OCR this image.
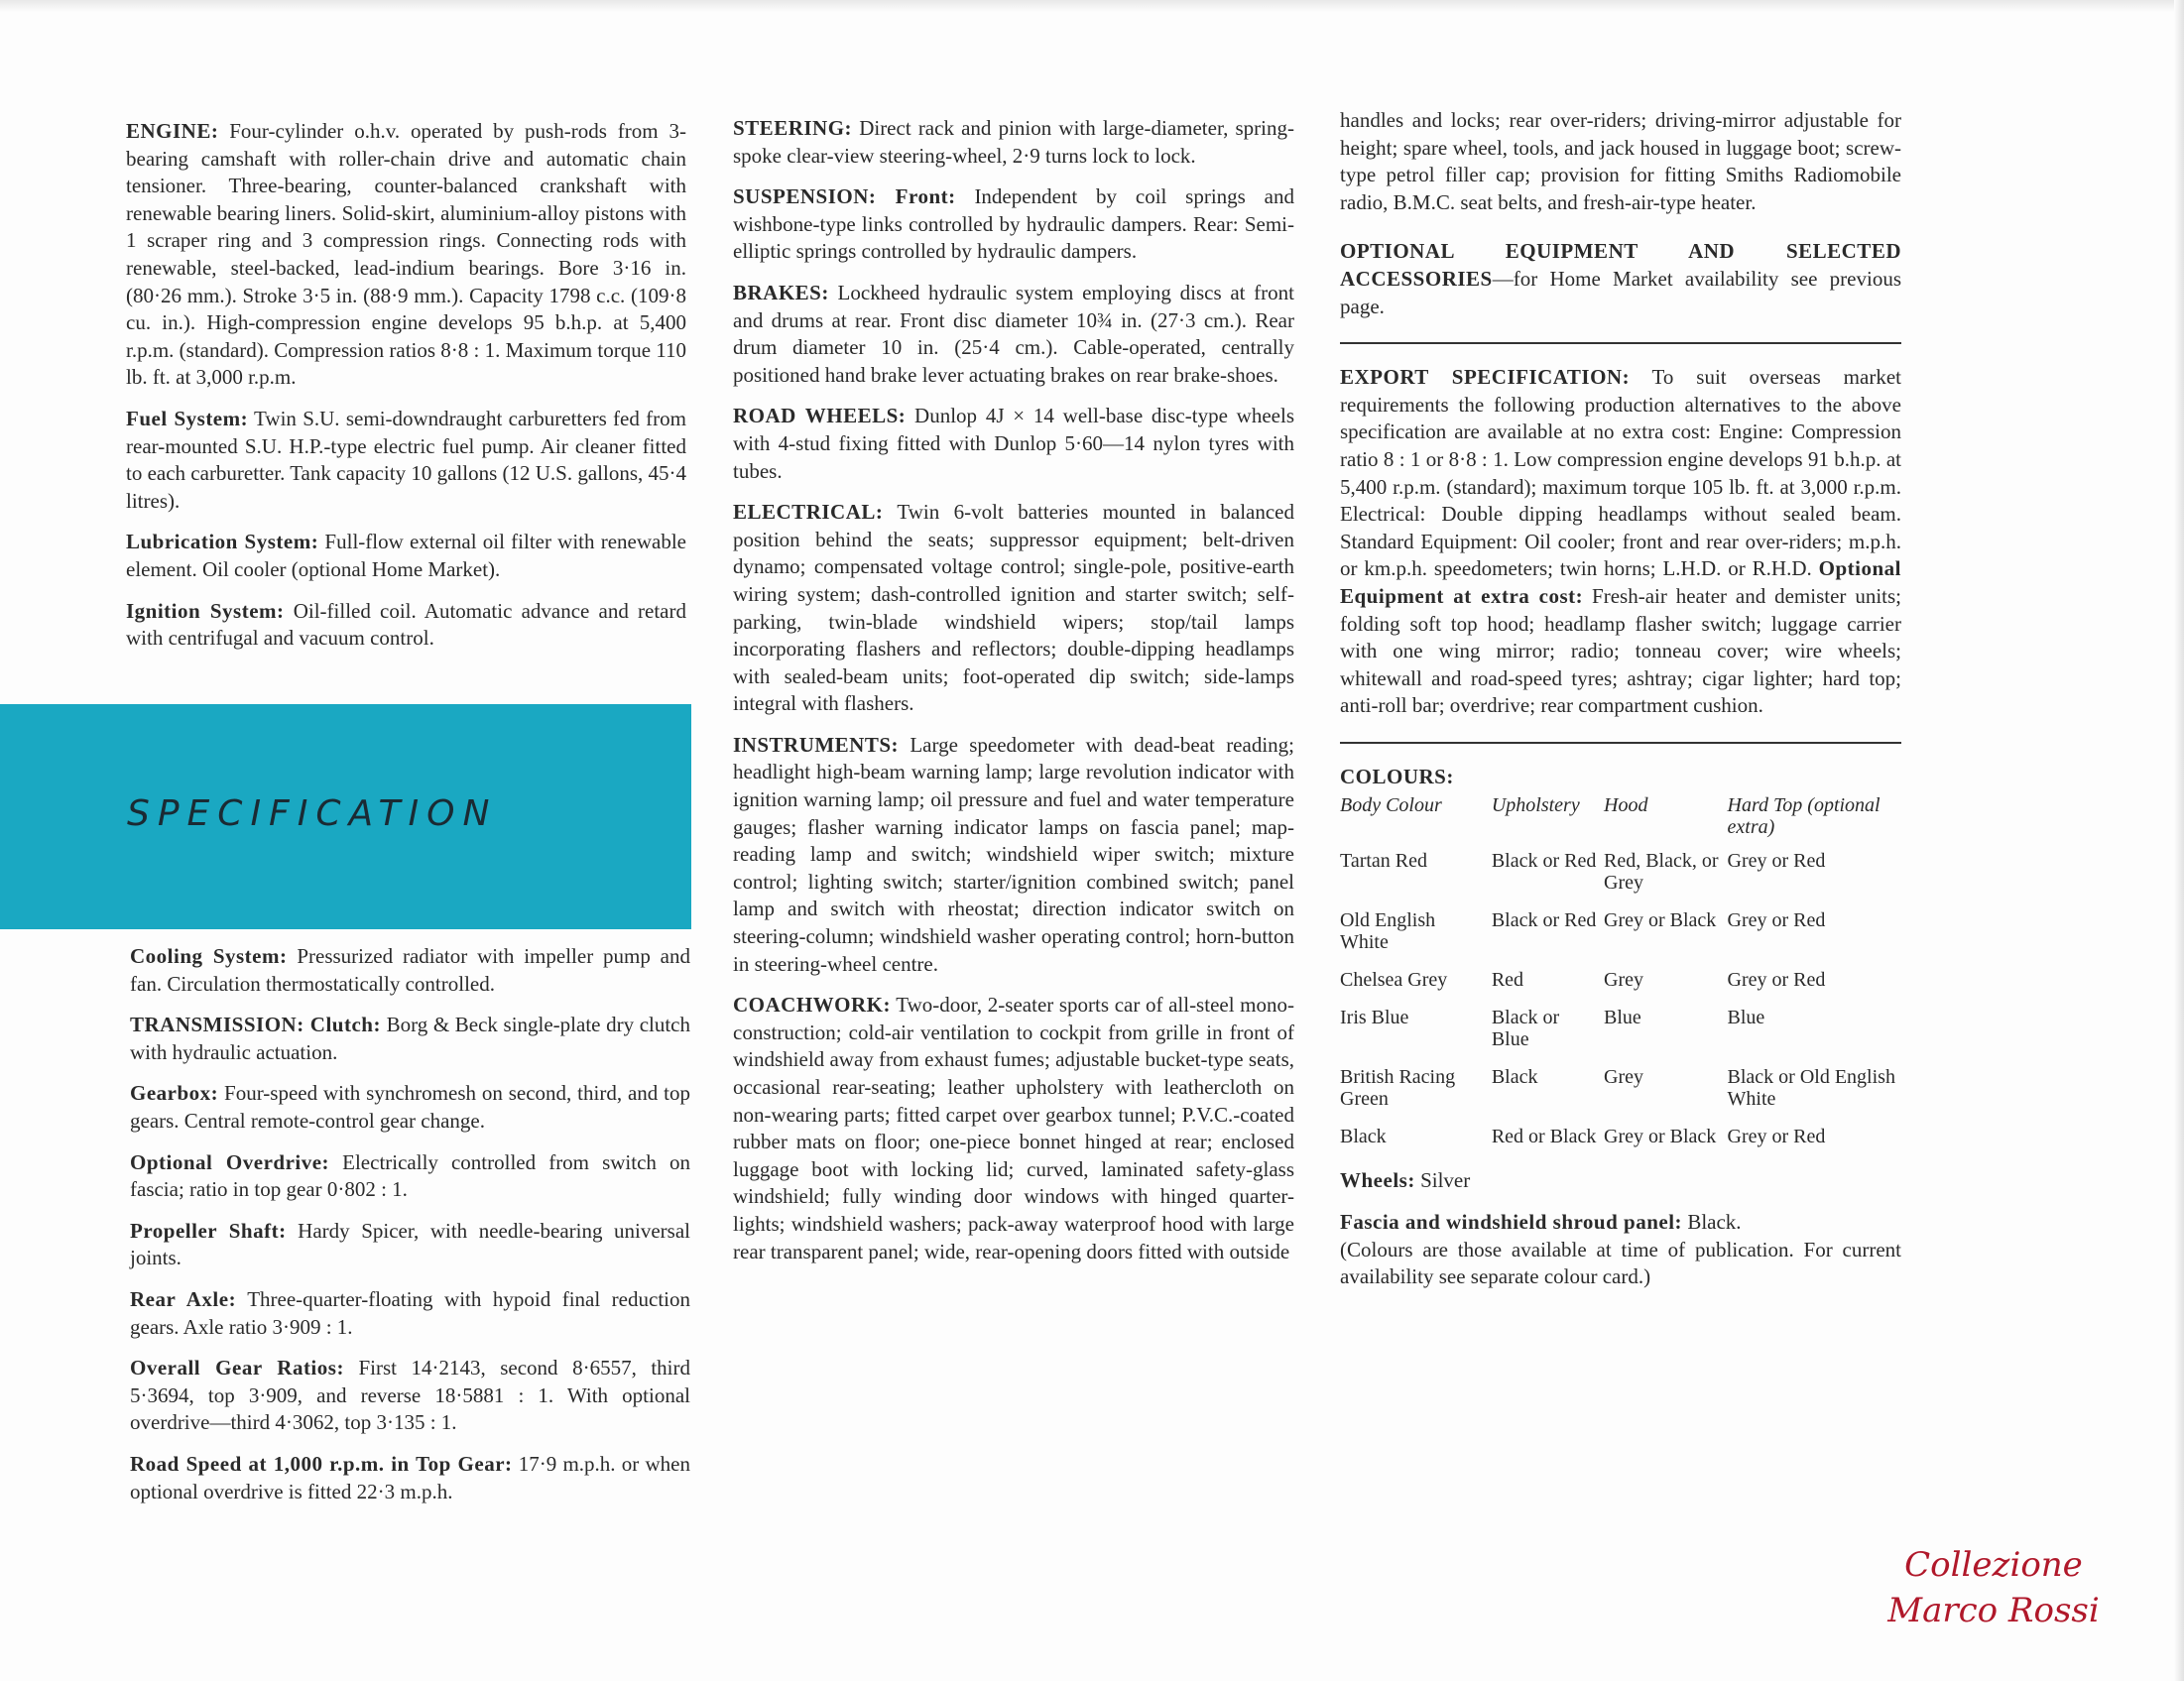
ENGINE: Four-cylinder o.h.v. operated by push-rods from 3-bearing camshaft with roller-chain drive and automatic chain tensioner. Three-bearing, counter-balanced crankshaft with renewable bearing liners. Solid-skirt, aluminium-alloy pistons with 1 scraper ring and 3 compression rings. Connecting rods with renewable, steel-backed, lead-indium bearings. Bore 3·16 in. (80·26 mm.). Stroke 3·5 in. (88·9 mm.). Capacity 1798 c.c. (109·8 cu. in.). High-compression engine develops 95 b.h.p. at 5,400 r.p.m. (standard). Compression ratios 8·8 : 1. Maximum torque 110 lb. ft. at 3,000 r.p.m.

Fuel System: Twin S.U. semi-downdraught carburetters fed from rear-mounted S.U. H.P.-type electric fuel pump. Air cleaner fitted to each carburetter. Tank capacity 10 gallons (12 U.S. gallons, 45·4 litres).

Lubrication System: Full-flow external oil filter with renewable element. Oil cooler (optional Home Market).

Ignition System: Oil-filled coil. Automatic advance and retard with centrifugal and vacuum control.

SPECIFICATION

Cooling System: Pressurized radiator with impeller pump and fan. Circulation thermostatically controlled.

TRANSMISSION: Clutch: Borg & Beck single-plate dry clutch with hydraulic actuation.

Gearbox: Four-speed with synchromesh on second, third, and top gears. Central remote-control gear change.

Optional Overdrive: Electrically controlled from switch on fascia; ratio in top gear 0·802 : 1.

Propeller Shaft: Hardy Spicer, with needle-bearing universal joints.

Rear Axle: Three-quarter-floating with hypoid final reduction gears. Axle ratio 3·909 : 1.

Overall Gear Ratios: First 14·2143, second 8·6557, third 5·3694, top 3·909, and reverse 18·5881 : 1. With optional overdrive—third 4·3062, top 3·135 : 1.

Road Speed at 1,000 r.p.m. in Top Gear: 17·9 m.p.h. or when optional overdrive is fitted 22·3 m.p.h.

STEERING: Direct rack and pinion with large-diameter, spring-spoke clear-view steering-wheel, 2·9 turns lock to lock.

SUSPENSION: Front: Independent by coil springs and wishbone-type links controlled by hydraulic dampers. Rear: Semi-elliptic springs controlled by hydraulic dampers.

BRAKES: Lockheed hydraulic system employing discs at front and drums at rear. Front disc diameter 10¾ in. (27·3 cm.). Rear drum diameter 10 in. (25·4 cm.). Cable-operated, centrally positioned hand brake lever actuating brakes on rear brake-shoes.

ROAD WHEELS: Dunlop 4J × 14 well-base disc-type wheels with 4-stud fixing fitted with Dunlop 5·60—14 nylon tyres with tubes.

ELECTRICAL: Twin 6-volt batteries mounted in balanced position behind the seats; suppressor equipment; belt-driven dynamo; compensated voltage control; single-pole, positive-earth wiring system; dash-controlled ignition and starter switch; self-parking, twin-blade windshield wipers; stop/tail lamps incorporating flashers and reflectors; double-dipping headlamps with sealed-beam units; foot-operated dip switch; side-lamps integral with flashers.

INSTRUMENTS: Large speedometer with dead-beat reading; headlight high-beam warning lamp; large revolution indicator with ignition warning lamp; oil pressure and fuel and water temperature gauges; flasher warning indicator lamps on fascia panel; map-reading lamp and switch; windshield wiper switch; mixture control; lighting switch; starter/ignition combined switch; panel lamp and switch with rheostat; direction indicator switch on steering-column; windshield washer operating control; horn-button in steering-wheel centre.

COACHWORK: Two-door, 2-seater sports car of all-steel mono-construction; cold-air ventilation to cockpit from grille in front of windshield away from exhaust fumes; adjustable bucket-type seats, occasional rear-seating; leather upholstery with leathercloth on non-wearing parts; fitted carpet over gearbox tunnel; P.V.C.-coated rubber mats on floor; one-piece bonnet hinged at rear; enclosed luggage boot with locking lid; curved, laminated safety-glass windshield; fully winding door windows with hinged quarter-lights; windshield washers; pack-away waterproof hood with large rear transparent panel; wide, rear-opening doors fitted with outside

handles and locks; rear over-riders; driving-mirror adjustable for height; spare wheel, tools, and jack housed in luggage boot; screw-type petrol filler cap; provision for fitting Smiths Radiomobile radio, B.M.C. seat belts, and fresh-air-type heater.

OPTIONAL EQUIPMENT AND SELECTED ACCESSORIES—for Home Market availability see previous page.

EXPORT SPECIFICATION: To suit overseas market requirements the following production alternatives to the above specification are available at no extra cost: Engine: Compression ratio 8 : 1 or 8·8 : 1. Low compression engine develops 91 b.h.p. at 5,400 r.p.m. (standard); maximum torque 105 lb. ft. at 3,000 r.p.m. Electrical: Double dipping headlamps without sealed beam. Standard Equipment: Oil cooler; front and rear over-riders; m.p.h. or km.p.h. speedometers; twin horns; L.H.D. or R.H.D. Optional Equipment at extra cost: Fresh-air heater and demister units; folding soft top hood; headlamp flasher switch; luggage carrier with one wing mirror; radio; tonneau cover; wire wheels; whitewall and road-speed tyres; ashtray; cigar lighter; hard top; anti-roll bar; overdrive; rear compartment cushion.

COLOURS:
Body Colour	Upholstery	Hood	Hard Top (optional extra)
Tartan Red	Black or Red	Red, Black, or Grey	Grey or Red
Old English White	Black or Red	Grey or Black	Grey or Red
Chelsea Grey	Red	Grey	Grey or Red
Iris Blue	Black or Blue	Blue	Blue
British Racing Green	Black	Grey	Black or Old English White
Black	Red or Black	Grey or Black	Grey or Red

Wheels: Silver

Fascia and windshield shroud panel: Black.

(Colours are those available at time of publication. For current availability see separate colour card.)

Collezione
Marco Rossi
